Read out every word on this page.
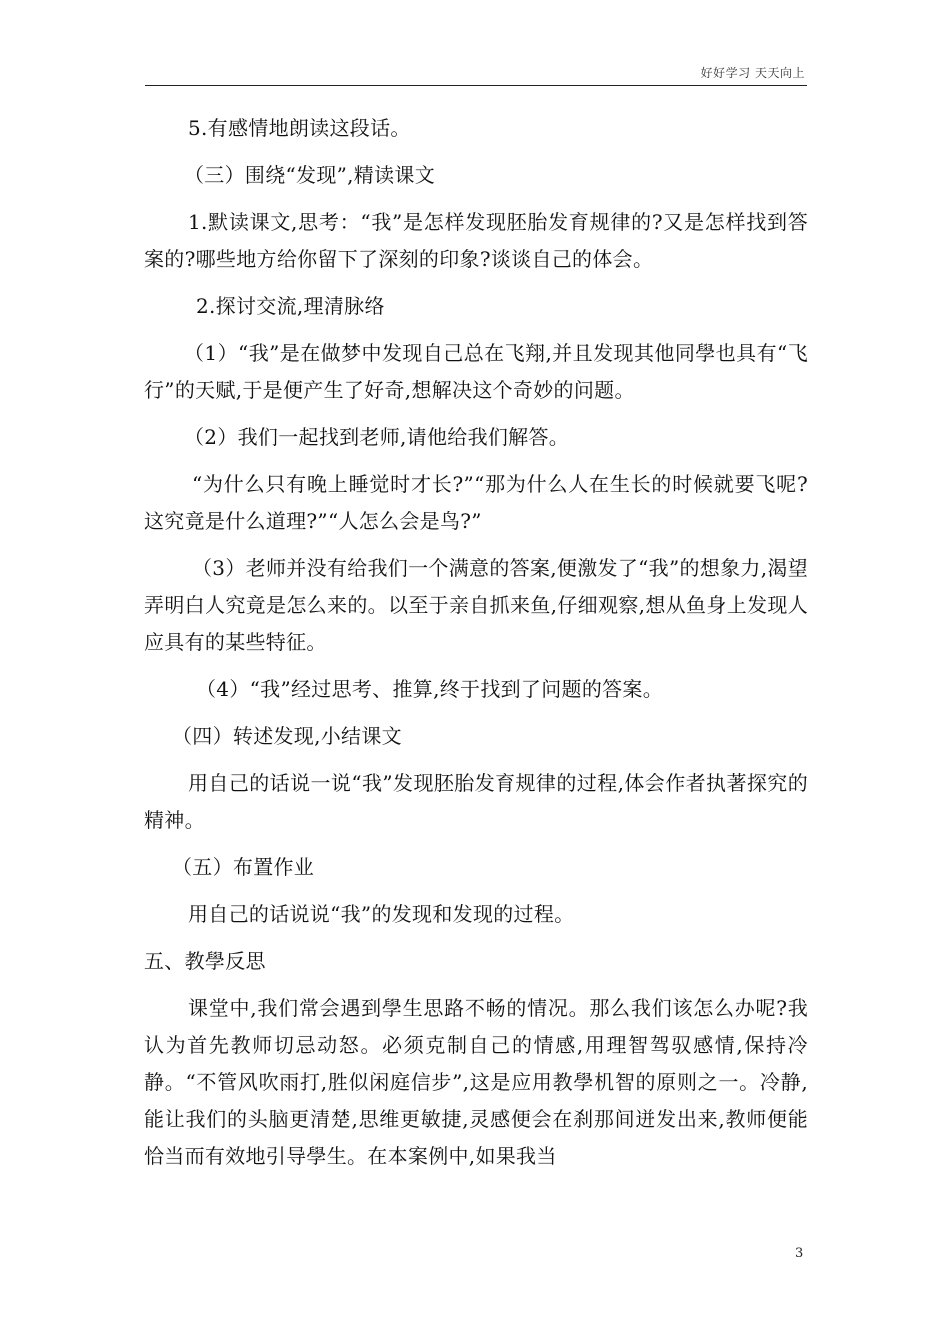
好好学习 天天向上

5.有感情地朗读这段话。

（三）围绕“发现”,精读课文

1.默读课文,思考：“我”是怎样发现胚胎发育规律的?又是怎样找到答案的?哪些地方给你留下了深刻的印象?谈谈自己的体会。

2.探讨交流,理清脉络

（1）“我”是在做梦中发现自己总在飞翔,并且发现其他同學也具有“飞行”的天赋,于是便产生了好奇,想解决这个奇妙的问题。

（2）我们一起找到老师,请他给我们解答。

“为什么只有晚上睡觉时才长?”“那为什么人在生长的时候就要飞呢?这究竟是什么道理?”“人怎么会是鸟?”

（3）老师并没有给我们一个满意的答案,便激发了“我”的想象力,渴望弄明白人究竟是怎么来的。以至于亲自抓来鱼,仔细观察,想从鱼身上发现人应具有的某些特征。

（4）“我”经过思考、推算,终于找到了问题的答案。

（四）转述发现,小结课文

用自己的话说一说“我”发现胚胎发育规律的过程,体会作者执著探究的精神。

（五）布置作业

用自己的话说说“我”的发现和发现的过程。

五、教學反思

课堂中,我们常会遇到學生思路不畅的情况。那么我们该怎么办呢?我认为首先教师切忌动怒。必须克制自己的情感,用理智驾驭感情,保持冷静。“不管风吹雨打,胜似闲庭信步”,这是应用教學机智的原则之一。冷静,能让我们的头脑更清楚,思维更敏捷,灵感便会在刹那间迸发出来,教师便能恰当而有效地引导學生。在本案例中,如果我当

3
